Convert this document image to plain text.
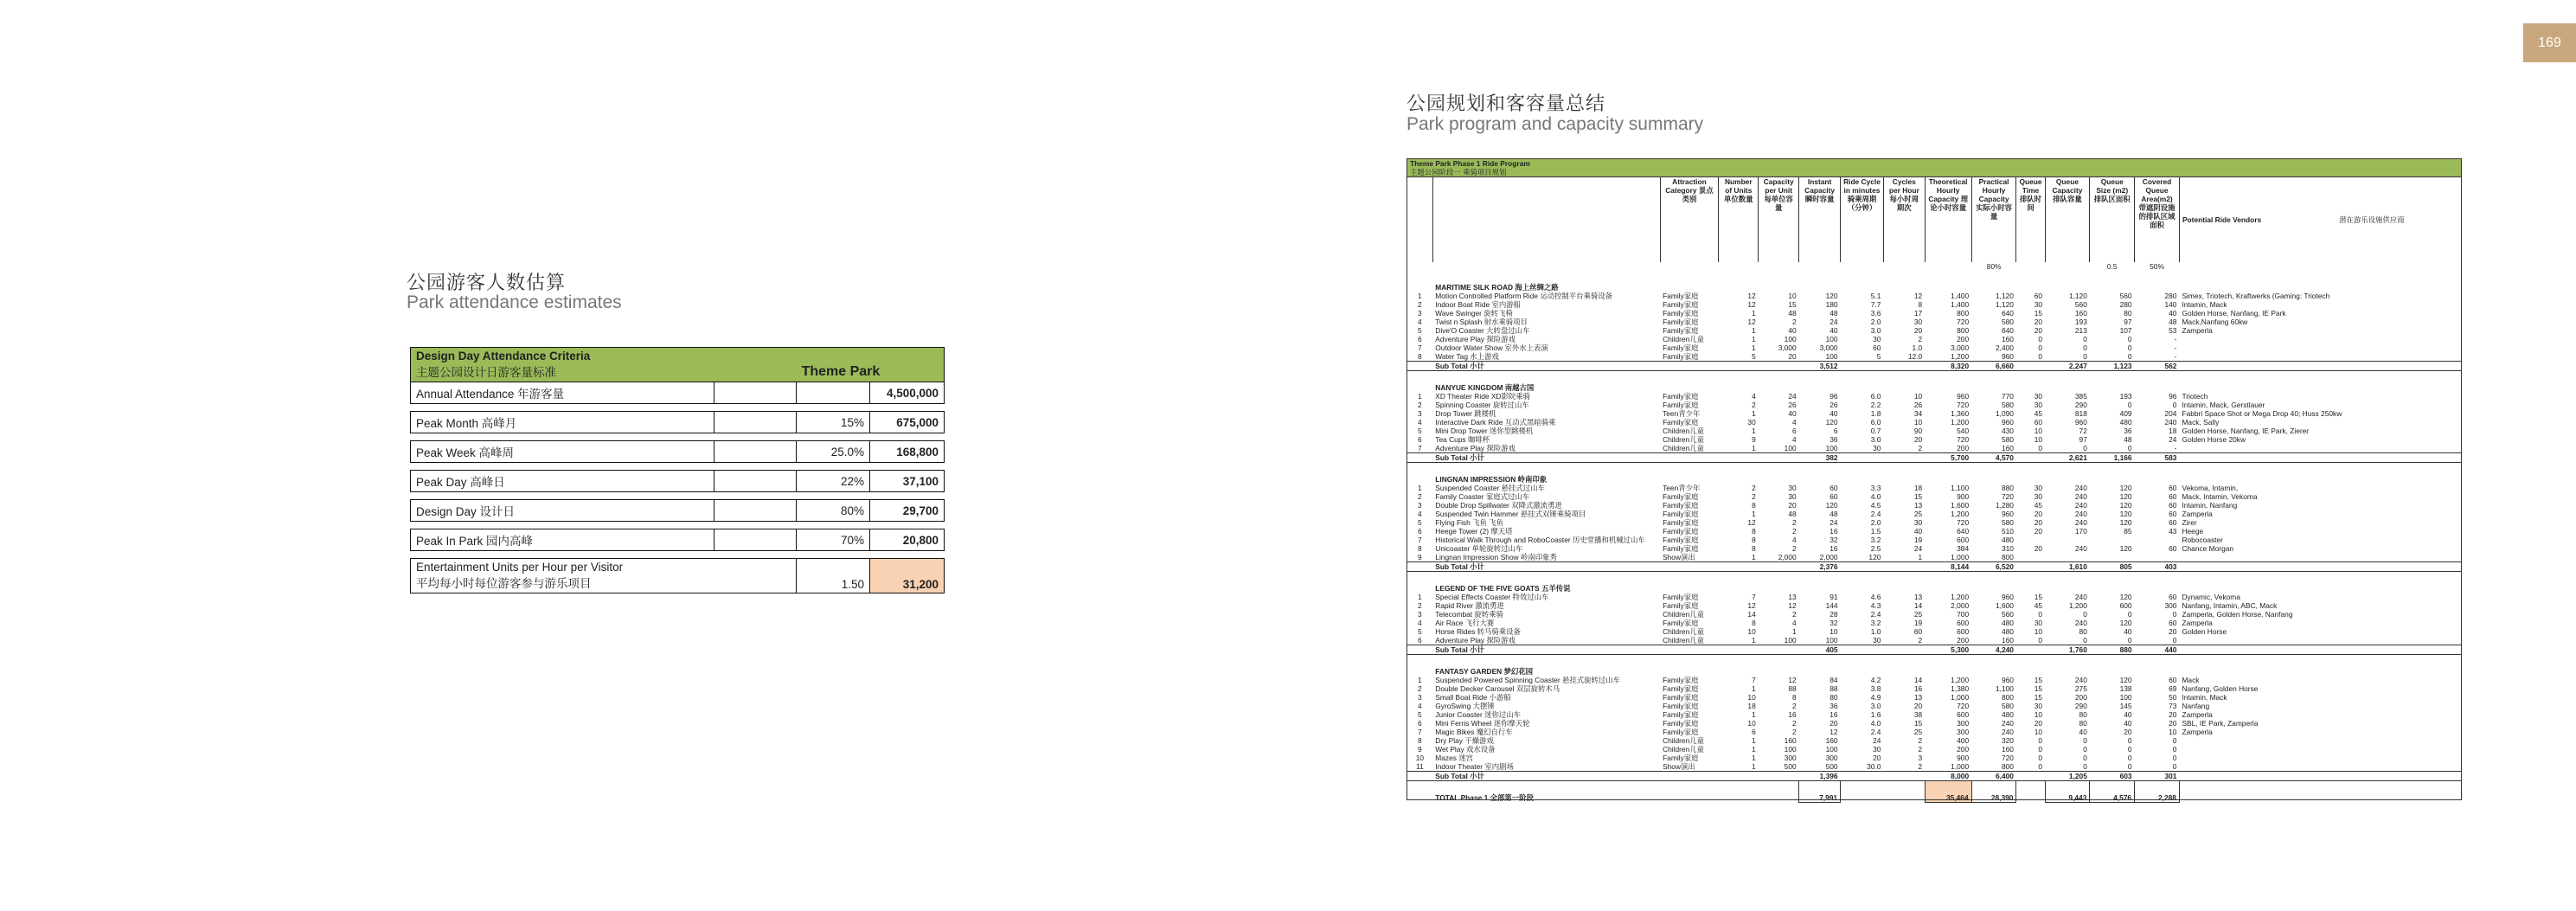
169
公园游客人数估算
Park attendance estimates
Design Day Attendance Criteria
主题公园设计日游客量标准		Theme Park	
Annual Attendance 年游客量			4,500,000

Peak Month 高峰月		15%	675,000

Peak Week 高峰周		25.0%	168,800

Peak Day 高峰日		22%	37,100

Design Day 设计日		80%	29,700

Peak In Park 园内高峰		70%	20,800

Entertainment Units per Hour per Visitor
平均每小时每位游客参与游乐项目		1.50	31,200
公园规划和客容量总结
Park program and capacity summary
Theme Park Phase 1 Ride Program
主题公园阶段一 乘骑项目规划														

		Attraction Category 景点类别	Number of Units 单位数量	Capacity per Unit 每单位容量	Instant Capacity 瞬时容量	Ride Cycle in minutes 骑乘周期（分钟）	Cycles per Hour 每小时周期次	Theoretical Hourly Capacity 理论小时容量	Practical Hourly Capacity 实际小时容量	Queue Time 排队时间	Queue Capacity 排队容量	Queue Size (m2) 排队区面积	Covered Queue Area(m2) 带遮阴设施的排队区域面积	Potential Ride Vendors 潜在游乐设施供应商
									80%			0.5	50%	
	MARITIME SILK ROAD 海上丝绸之路													
1	Motion Controlled Platform Ride 运动控制平台乘骑设备	Family家庭	12	10	120	5.1	12	1,400	1,120	60	1,120	560	280	Simex, Triotech, Kraftwerks (Gaming: Triotech
2	Indoor Boat Ride 室内游船	Family家庭	12	15	180	7.7	8	1,400	1,120	30	560	280	140	Intamin, Mack
3	Wave Swinger 旋转飞椅	Family家庭	1	48	48	3.6	17	800	640	15	160	80	40	Golden Horse, Nanfang, IE Park
4	Twist n Splash 射水乘骑项目	Family家庭	12	2	24	2.0	30	720	580	20	193	97	48	Mack,Nanfang 60kw
5	Dive'O Coaster 大转盘过山车	Family家庭	1	40	40	3.0	20	800	640	20	213	107	53	Zamperla
6	Adventure Play 探险游戏	Children儿童	1	100	100	30	2	200	160	0	0	0	-	
7	Outdoor Water Show 室外水上表演	Family家庭	1	3,000	3,000	60	1.0	3,000	2,400	0	0	0	-	
8	Water Tag 水上游戏	Family家庭	5	20	100	5	12.0	1,200	960	0	0	0	-	
	Sub Total 小计				3,512			8,320	6,660		2,247	1,123	562	
	NANYUE KINGDOM 南越古国													
1	XD Theater Ride XD影院乘骑	Family家庭	4	24	96	6.0	10	960	770	30	385	193	96	Triotech
2	Spinning Coaster 旋转过山车	Family家庭	2	26	26	2.2	26	720	580	30	290	0	0	Intamin, Mack, Gerstlauer
3	Drop Tower 跳楼机	Teen青少年	1	40	40	1.8	34	1,360	1,090	45	818	409	204	Fabbri Space Shot or Mega Drop 40; Huss 250kw
4	Interactive Dark Ride 互动式黑暗骑乘	Family家庭	30	4	120	6.0	10	1,200	960	60	960	480	240	Mack, Sally
5	Mini Drop Tower 迷你型跳楼机	Children儿童	1	6	6	0.7	90	540	430	10	72	36	18	Golden Horse, Nanfang, IE Park, Zierer
6	Tea Cups 咖啡杯	Children儿童	9	4	36	3.0	20	720	580	10	97	48	24	Golden Horse 20kw
7	Adventure Play 探险游戏	Children儿童	1	100	100	30	2	200	160	0	0	0	-	
	Sub Total 小计				382			5,700	4,570		2,621	1,166	583	
	LINGNAN IMPRESSION 岭南印象													
1	Suspended Coaster 悬挂式过山车	Teen青少年	2	30	60	3.3	18	1,100	880	30	240	120	60	Vekoma, Intamin,
2	Family Coaster 家庭式过山车	Family家庭	2	30	60	4.0	15	900	720	30	240	120	60	Mack, Intamin, Vekoma
3	Double Drop Spillwater 双降式激流勇进	Family家庭	8	20	120	4.5	13	1,600	1,280	45	240	120	60	Intamin, Nanfang
4	Suspended Twin Hammer 悬挂式双锤乘骑项目	Family家庭	1	48	48	2.4	25	1,200	960	20	240	120	60	Zamperla
5	Flying Fish 飞鱼 飞鱼	Family家庭	12	2	24	2.0	30	720	580	20	240	120	60	Zirer
6	Heege Tower (2) 摩天塔	Family家庭	8	2	16	1.5	40	640	510	20	170	85	43	Heege
7	Historical Walk Through and RoboCoaster 历史堂播和机械过山车	Family家庭	8	4	32	3.2	19	600	480					Robocoaster
8	Unicoaster 单轮旋转过山车	Family家庭	8	2	16	2.5	24	384	310	20	240	120	60	Chance Morgan
9	Lingnan Impression Show 岭南印象秀	Show演出	1	2,000	2,000	120	1	1,000	800					
	Sub Total 小计				2,376			8,144	6,520		1,610	805	403	
	LEGEND OF THE FIVE GOATS 五羊传说													
1	Special Effects Coaster 特效过山车	Family家庭	7	13	91	4.6	13	1,200	960	15	240	120	60	Dynamic, Vekoma
2	Rapid River 激流勇进	Family家庭	12	12	144	4.3	14	2,000	1,600	45	1,200	600	300	Nanfang, Intamin, ABC, Mack
3	Telecombat 旋转乘骑	Children儿童	14	2	28	2.4	25	700	560	0	0	0	0	Zamperla, Golden Horse, Nanfang
4	Air Race 飞行大赛	Family家庭	8	4	32	3.2	19	600	480	30	240	120	60	Zamperla
5	Horse Rides 转马骑乘设备	Children儿童	10	1	10	1.0	60	600	480	10	80	40	20	Golden Horse
6	Adventure Play 探险游戏	Children儿童	1	100	100	30	2	200	160	0	0	0	0	
	Sub Total 小计				405			5,300	4,240		1,760	880	440	
	FANTASY GARDEN 梦幻花园													
1	Suspended Powered Spinning Coaster 悬挂式旋转过山车	Family家庭	7	12	84	4.2	14	1,200	960	15	240	120	60	Mack
2	Double Decker Carousel 双层旋转木马	Family家庭	1	88	88	3.8	16	1,380	1,100	15	275	138	69	Nanfang, Golden Horse
3	Small Boat Ride 小游船	Family家庭	10	8	80	4.9	13	1,000	800	15	200	100	50	Intamin, Mack
4	GyroSwing 大摆锤	Family家庭	18	2	36	3.0	20	720	580	30	290	145	73	Nanfang
5	Junior Coaster 迷你过山车	Family家庭	1	16	16	1.6	38	600	480	10	80	40	20	Zamperla
6	Mini Ferris Wheel 迷你摩天轮	Family家庭	10	2	20	4.0	15	300	240	20	80	40	20	SBL, IE Park, Zamperla
7	Magic Bikes 魔幻自行车	Family家庭	6	2	12	2.4	25	300	240	10	40	20	10	Zamperla
8	Dry Play 干燥游戏	Children儿童	1	160	160	24	2	400	320	0	0	0	0	
9	Wet Play 戏水设备	Children儿童	1	100	100	30	2	200	160	0	0	0	0	
10	Mazes 迷宫	Family家庭	1	300	300	20	3	900	720	0	0	0	0	
11	Indoor Theater 室内剧场	Show演出	1	500	500	30.0	2	1,000	800	0	0	0	0	
	Sub Total 小计				1,396			8,000	6,400		1,205	603	301	
	TOTAL Phase 1 全部第一阶段				7,991			35,464	28,390		9,443	4,576	2,288	
